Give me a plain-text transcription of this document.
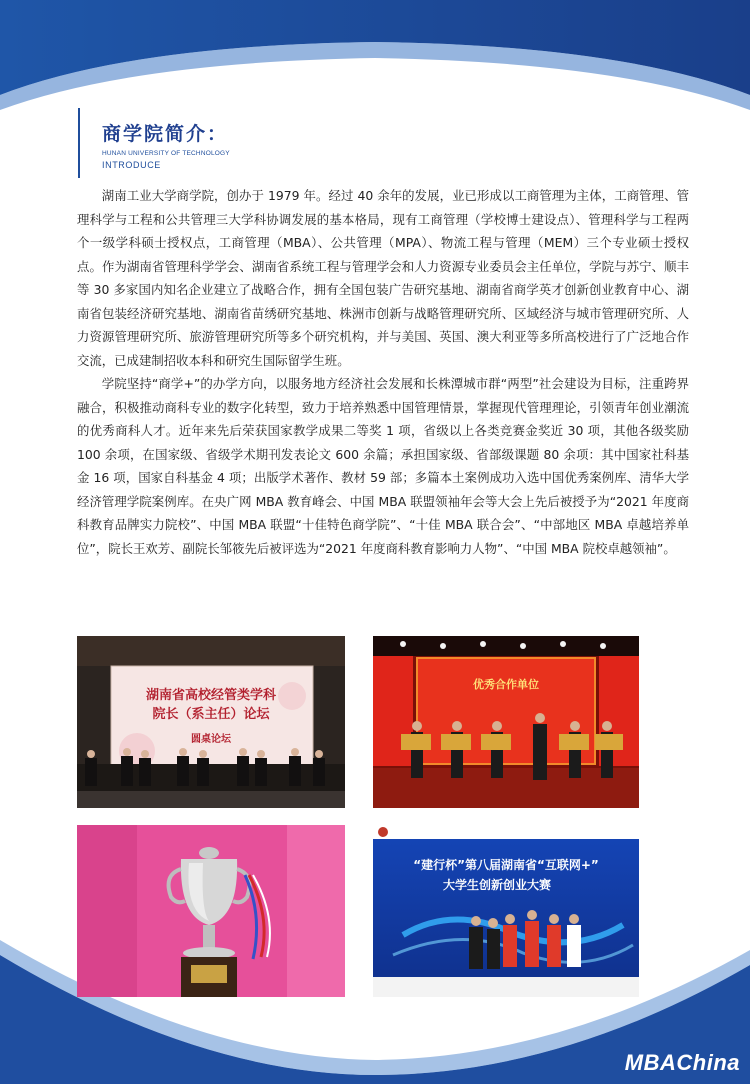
商学院简介：
HUNAN UNIVERSITY OF TECHNOLOGY
INTRODUCE

湖南工业大学商学院，创办于 1979 年。经过 40 余年的发展，业已形成以工商管理为主体，工商管理、管理科学与工程和公共管理三大学科协调发展的基本格局，现有工商管理（学校博士建设点）、管理科学与工程两个一级学科硕士授权点，工商管理（MBA）、公共管理（MPA）、物流工程与管理（MEM）三个专业硕士授权点。作为湖南省管理科学学会、湖南省系统工程与管理学会和人力资源专业委员会主任单位，学院与苏宁、顺丰等 30 多家国内知名企业建立了战略合作，拥有全国包装广告研究基地、湖南省商学英才创新创业教育中心、湖南省包装经济研究基地、湖南省苗绣研究基地、株洲市创新与战略管理研究所、区域经济与城市管理研究所、人力资源管理研究所、旅游管理研究所等多个研究机构，并与美国、英国、澳大利亚等多所高校进行了广泛地合作交流，已成建制招收本科和研究生国际留学生班。

学院坚持“商学+”的办学方向，以服务地方经济社会发展和长株潭城市群“两型”社会建设为目标，注重跨界融合，积极推动商科专业的数字化转型，致力于培养熟悉中国管理情景，掌握现代管理理论，引领青年创业潮流的优秀商科人才。近年来先后荣获国家教学成果二等奖 1 项，省级以上各类竞赛金奖近 30 项，其他各级奖励 100 余项，在国家级、省级学术期刊发表论文 600 余篇；承担国家级、省部级课题 80 余项：其中国家社科基金 16 项，国家自科基金 4 项；出版学术著作、教材 59 部；多篇本土案例成功入选中国优秀案例库、清华大学经济管理学院案例库。在央广网 MBA 教育峰会、中国 MBA 联盟领袖年会等大会上先后被授予为“2021 年度商科教育品牌实力院校”、中国 MBA 联盟“十佳特色商学院”、“十佳 MBA 联合会”、“中部地区 MBA 卓越培养单位”，院长王欢芳、副院长邹筱先后被评选为“2021 年度商科教育影响力人物”、“中国 MBA 院校卓越领袖”。

湖南省高校经管类学科
院长（系主任）论坛
圆桌论坛
优秀合作单位
“建行杯”第八届湖南省“互联网+”
大学生创新创业大赛
MBAChina
